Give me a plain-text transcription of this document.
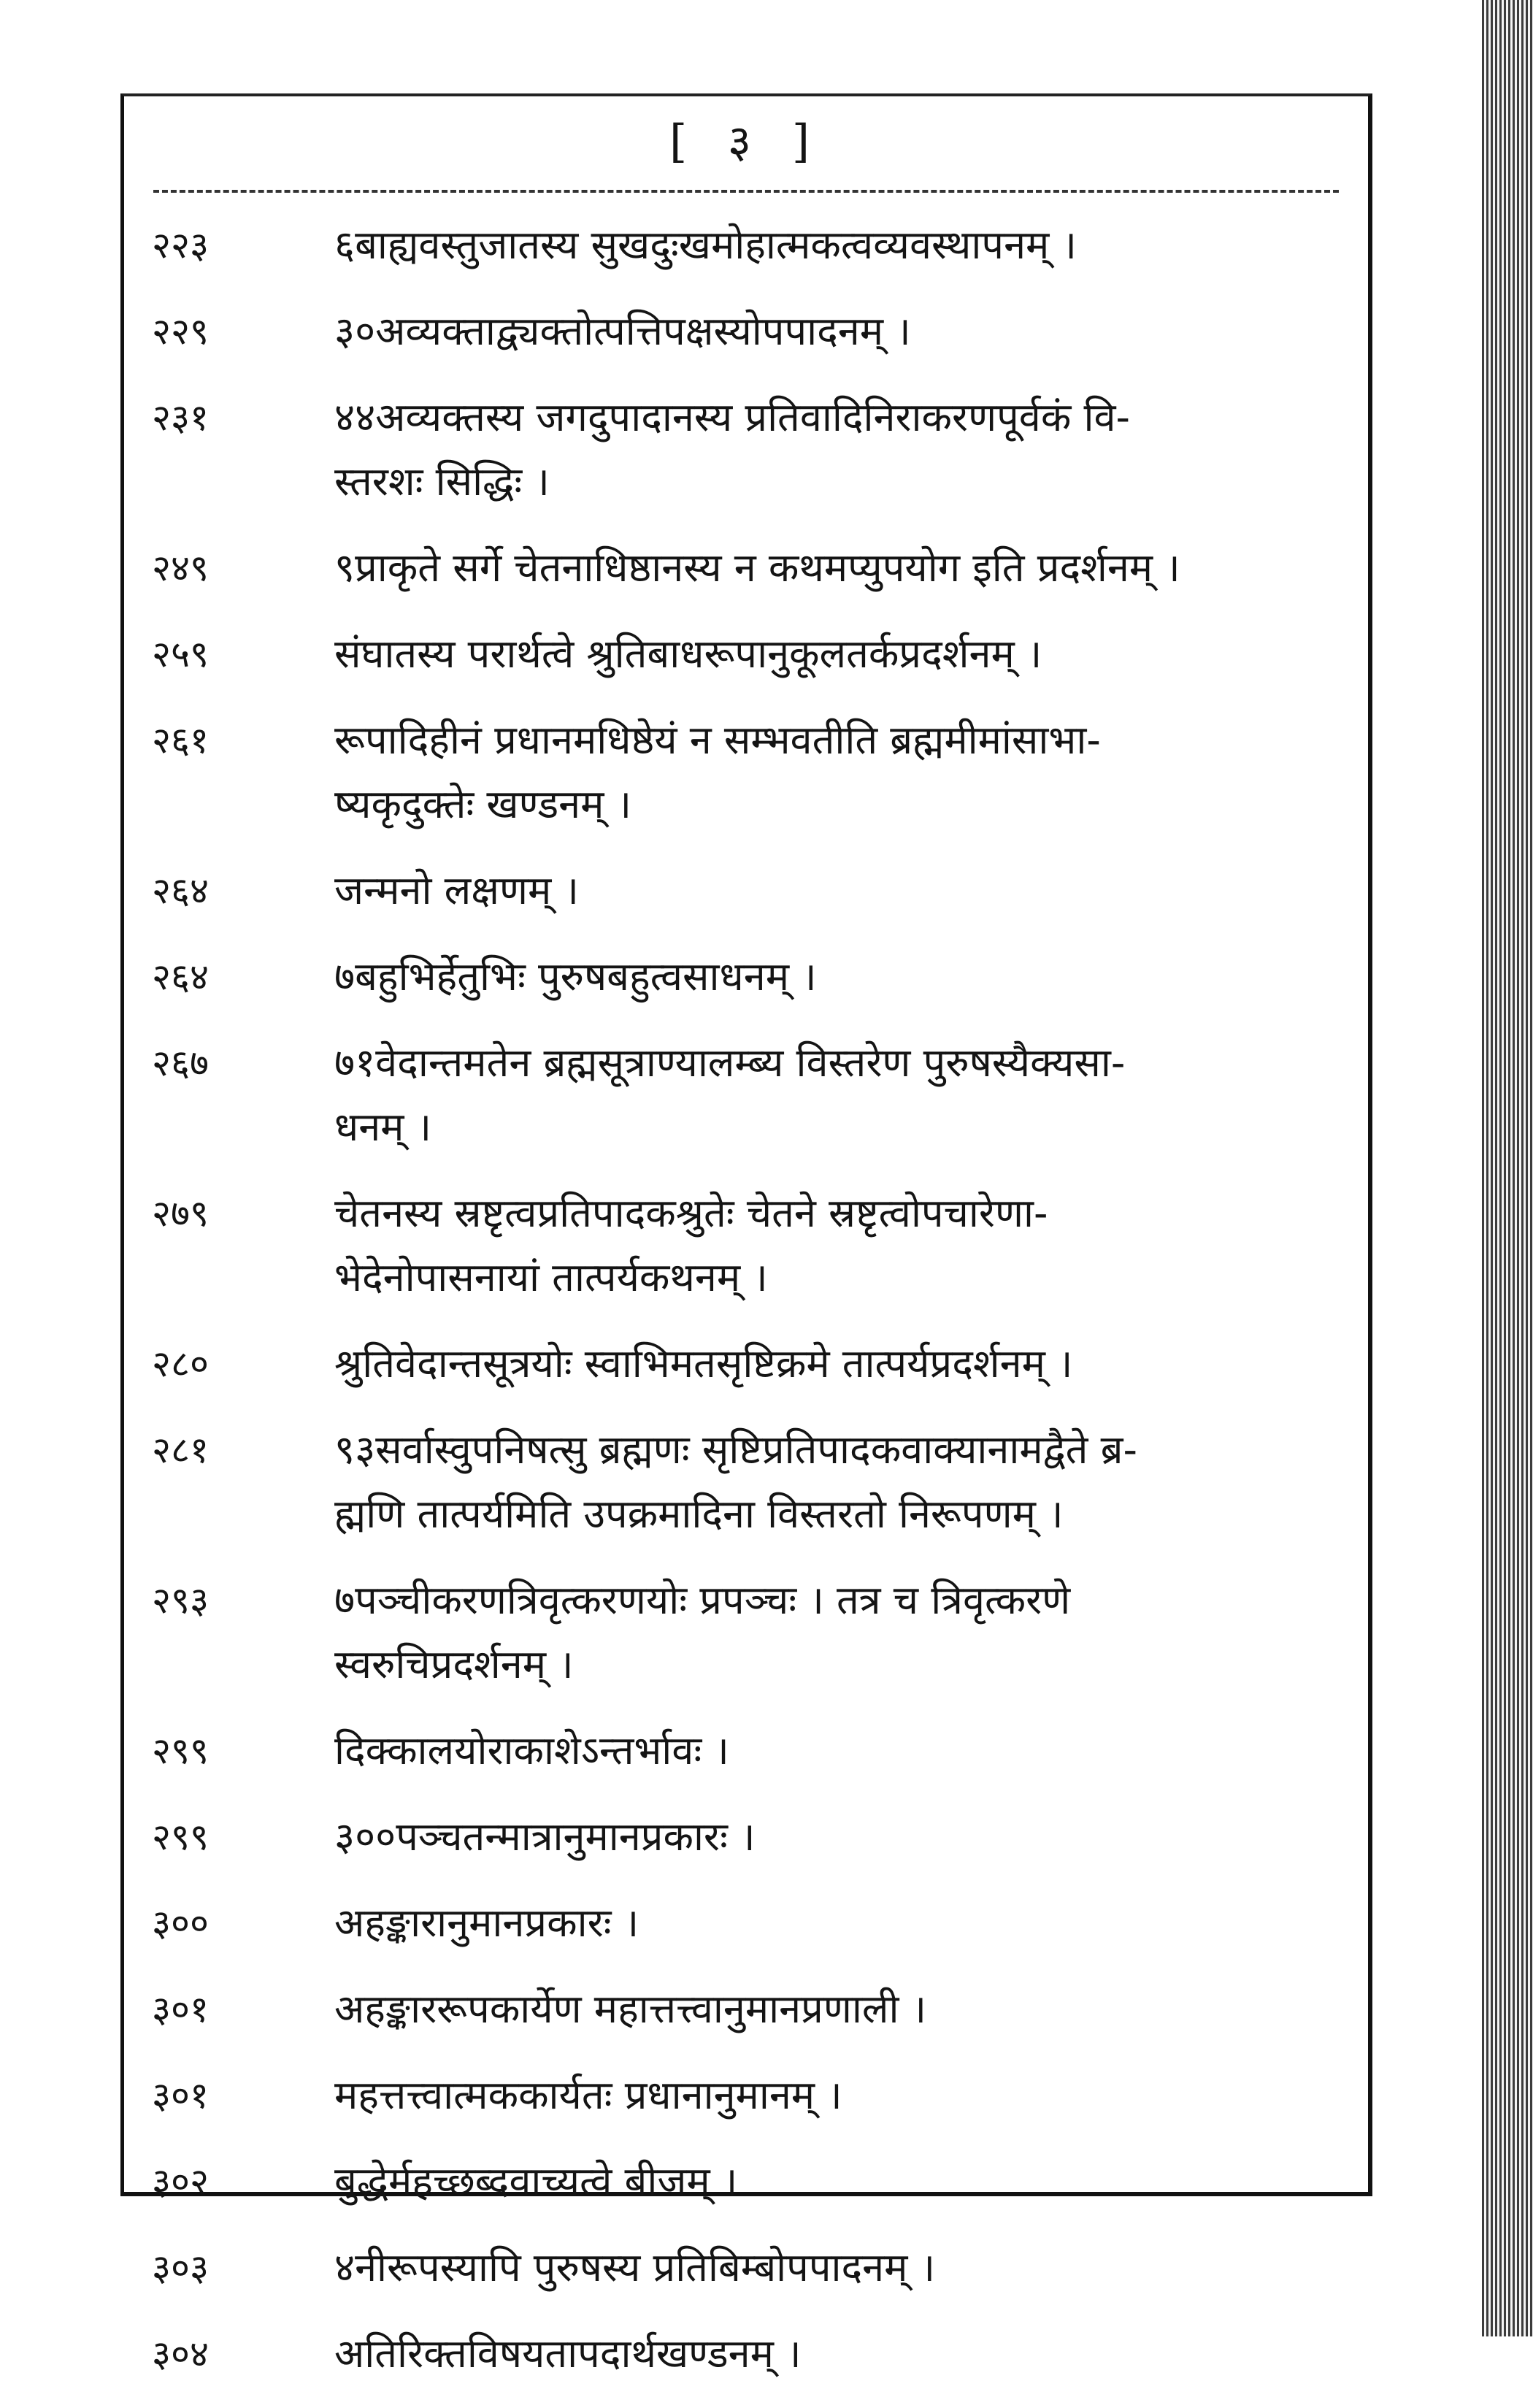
[ ३ ]
२२३	६बाह्यवस्तुजातस्य सुखदुःखमोहात्मकत्वव्यवस्थापनम् ।
२२९	३०अव्यक्ताद्व्यक्तोत्पत्तिपक्षस्योपपादनम् ।
२३१	४४अव्यक्तस्य जगदुपादानस्य प्रतिवादिनिराकरणपूर्वकं वि-
स्तरशः सिद्धिः ।
२४९	९प्राकृते सर्गे चेतनाधिष्ठानस्य न कथमप्युपयोग इति प्रदर्शनम् ।
२५९	संघातस्य परार्थत्वे श्रुतिबाधरूपानुकूलतर्कप्रदर्शनम् ।
२६१	रूपादिहीनं प्रधानमधिष्ठेयं न सम्भवतीति ब्रह्ममीमांसाभा-
ष्यकृदुक्तेः खण्डनम् ।
२६४	जन्मनो लक्षणम् ।
२६४	७बहुभिर्हेतुभिः पुरुषबहुत्वसाधनम् ।
२६७	७१वेदान्तमतेन ब्रह्मसूत्राण्यालम्ब्य विस्तरेण पुरुषस्यैक्यसा-
धनम् ।
२७९	चेतनस्य स्रष्टृत्वप्रतिपादकश्रुतेः चेतने स्रष्टृत्वोपचारेणा-
भेदेनोपासनायां तात्पर्यकथनम् ।
२८०	श्रुतिवेदान्तसूत्रयोः स्वाभिमतसृष्टिक्रमे तात्पर्यप्रदर्शनम् ।
२८१	९३सर्वास्वुपनिषत्सु ब्रह्मणः सृष्टिप्रतिपादकवाक्यानामद्वैते ब्र-
ह्मणि तात्पर्यमिति उपक्रमादिना विस्तरतो निरूपणम् ।
२९३	७पञ्चीकरणत्रिवृत्करणयोः प्रपञ्चः । तत्र च त्रिवृत्करणे
स्वरुचिप्रदर्शनम् ।
२९९	दिक्कालयोराकाशेऽन्तर्भावः ।
२९९	३००पञ्चतन्मात्रानुमानप्रकारः ।
३००	अहङ्कारानुमानप्रकारः ।
३०१	अहङ्काररूपकार्येण महात्तत्त्वानुमानप्रणाली ।
३०१	महत्तत्त्वात्मककार्यतः प्रधानानुमानम् ।
३०२	बुद्धेर्महच्छब्दवाच्यत्वे बीजम् ।
३०३	४नीरूपस्यापि पुरुषस्य प्रतिबिम्बोपपादनम् ।
३०४	अतिरिक्तविषयतापदार्थखण्डनम् ।
